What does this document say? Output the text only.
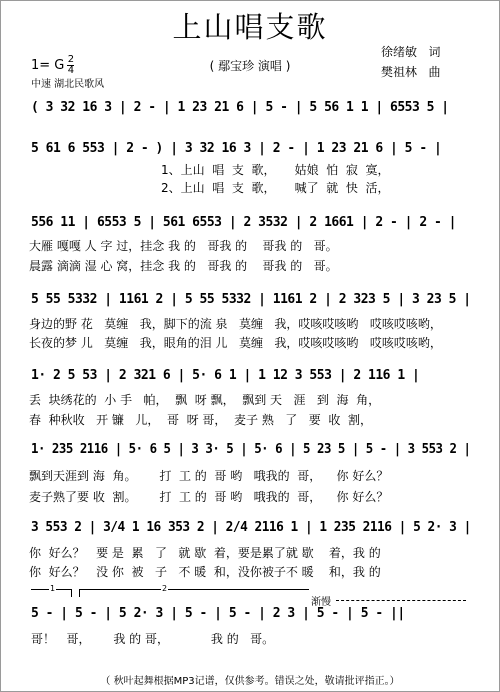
上山唱支歌
1= G $\frac{2}{4}$
中速 湖北民歌风
( 鄢宝珍 演唱 )
徐绪敏   词
樊祖林   曲
( 3 32 16 3 | 2 - | 1 23 21 6 | 5 - | 5 56 1 1 | 6553 5 |
5 61 6 553 | 2 - ) | 3 32 16 3 | 2 - | 1 23 21 6 | 5 - |
1、上山  唱  支  歌，     姑娘  怕  寂  寞，
2、上山  唱  支  歌，     喊了  就  快  活，
556 11 | 6553 5 | 561 6553 | 2 3532 | 2 1661 | 2 - | 2 - |
大雁 嘎嘎 人 字 过，挂念 我 的   哥我 的    哥我 的   哥。
晨露 滴滴 湿 心 窝，挂念 我 的   哥我 的    哥我 的   哥。
5 55 5332 | 1161 2 | 5 55 5332 | 1161 2 | 2 323 5 | 3 23 5 |
身边的野 花   莫缠   我，脚下的流 泉   莫缠   我，哎咳哎咳哟   哎咳哎咳哟，
长夜的梦 儿   莫缠   我，眼角的泪 儿   莫缠   我，哎咳哎咳哟   哎咳哎咳哟，
1· 2 5 53 | 2 321 6 | 5· 6 1 | 1 12 3 553 | 2 116 1 |
丢  块绣花的  小 手   帕，  飘  呀 飘，  飘到 天   涯   到  海  角，
春  种秋收   开 镰   儿，  哥  呀 哥，  麦子 熟   了   要  收  割，
1· 235 2116 | 5· 6 5 | 3 3· 5 | 5· 6 | 5 23 5 | 5 - | 3 553 2 |
飘到天涯到 海  角。      打  工 的  哥 哟   哦我的  哥，    你 好么？
麦子熟了要 收  割。      打  工 的  哥 哟   哦我的  哥，    你 好么？
3 553 2 | 3/4 1 16 353 2 | 2/4 2116 1 | 1 235 2116 | 5 2· 3 |
你  好么？   要 是  累   了   就 歇  着，要是累了就 歇    着，我 的
你  好么？   没 你  被   子   不 暖  和，没你被子不 暖    和，我 的
1	2
渐慢
5 - | 5 - | 5 2· 3 | 5 - | 5 - | 2 3 | 5 - | 5 - ||
哥！   哥，      我 的 哥，           我 的   哥。
（ 秋叶起舞根据MP3记谱，仅供参考。错误之处，敬请批评指正。）
